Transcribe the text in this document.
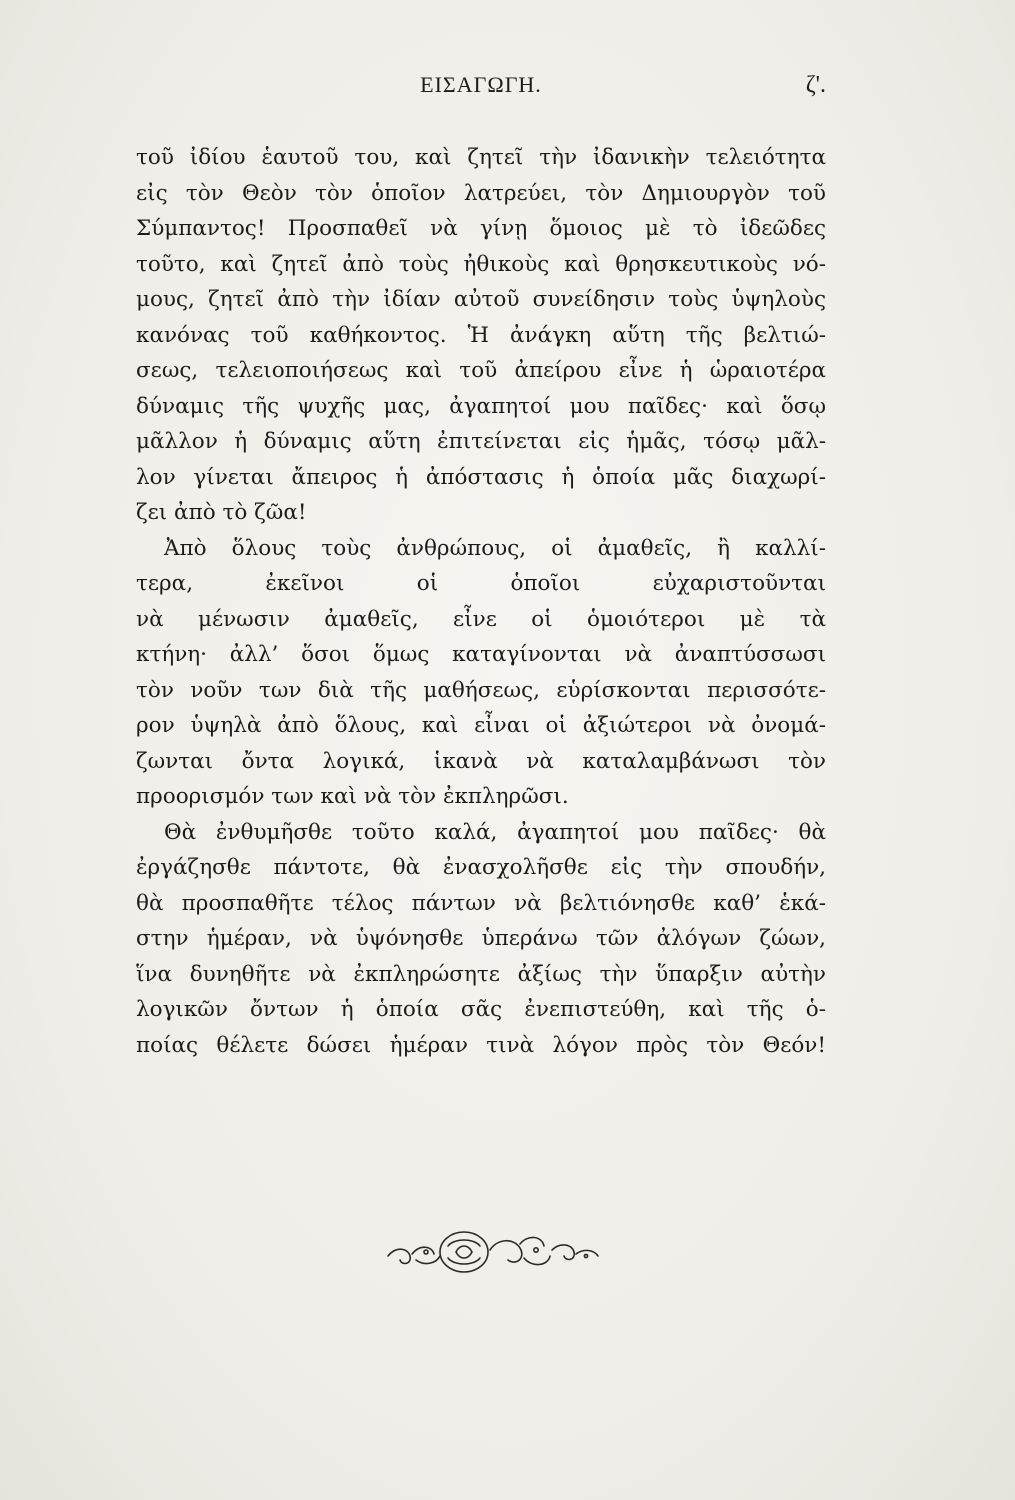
ΕΙΣΑΓΩΓΗ.	ζ'.
τοῦ ἰδίου ἑαυτοῦ του, καὶ ζητεῖ τὴν ἰδανικὴν τελειότητα
εἰς τὸν Θεὸν τὸν ὁποῖον λατρεύει, τὸν Δημιουργὸν τοῦ
Σύμπαντος! Προσπαθεῖ νὰ γίνῃ ὅμοιος μὲ τὸ ἰδεῶδες
τοῦτο, καὶ ζητεῖ ἀπὸ τοὺς ἠθικοὺς καὶ θρησκευτικοὺς νό-
μους, ζητεῖ ἀπὸ τὴν ἰδίαν αὐτοῦ συνείδησιν τοὺς ὑψηλοὺς
κανόνας τοῦ καθήκοντος. Ἡ ἀνάγκη αὕτη τῆς βελτιώ-
σεως, τελειοποιήσεως καὶ τοῦ ἀπείρου εἶνε ἡ ὡραιοτέρα
δύναμις τῆς ψυχῆς μας, ἀγαπητοί μου παῖδες· καὶ ὅσῳ
μᾶλλον ἡ δύναμις αὕτη ἐπιτείνεται εἰς ἡμᾶς, τόσῳ μᾶλ-
λον γίνεται ἄπειρος ἡ ἀπόστασις ἡ ὁποία μᾶς διαχωρί-
ζει ἀπὸ τὸ ζῶα!
Ἀπὸ ὅλους τοὺς ἀνθρώπους, οἱ ἀμαθεῖς, ἢ καλλί-
τερα, ἐκεῖνοι οἱ ὁποῖοι εὐχαριστοῦνται
νὰ μένωσιν ἀμαθεῖς, εἶνε οἱ ὁμοιότεροι μὲ τὰ
κτήνη· ἀλλ’ ὅσοι ὅμως καταγίνονται νὰ ἀναπτύσσωσι
τὸν νοῦν των διὰ τῆς μαθήσεως, εὑρίσκονται περισσότε-
ρον ὑψηλὰ ἀπὸ ὅλους, καὶ εἶναι οἱ ἀξιώτεροι νὰ ὀνομά-
ζωνται ὄντα λογικά, ἱκανὰ νὰ καταλαμβάνωσι τὸν
προορισμόν των καὶ νὰ τὸν ἐκπληρῶσι.
Θὰ ἐνθυμῆσθε τοῦτο καλά, ἀγαπητοί μου παῖδες· θὰ
ἐργάζησθε πάντοτε, θὰ ἐνασχολῆσθε εἰς τὴν σπουδήν,
θὰ προσπαθῆτε τέλος πάντων νὰ βελτιόνησθε καθ’ ἑκά-
στην ἡμέραν, νὰ ὑψόνησθε ὑπεράνω τῶν ἀλόγων ζώων,
ἵνα δυνηθῆτε νὰ ἐκπληρώσητε ἀξίως τὴν ὕπαρξιν αὐτὴν
λογικῶν ὄντων ἡ ὁποία σᾶς ἐνεπιστεύθη, καὶ τῆς ὁ-
ποίας θέλετε δώσει ἡμέραν τινὰ λόγον πρὸς τὸν Θεόν!
